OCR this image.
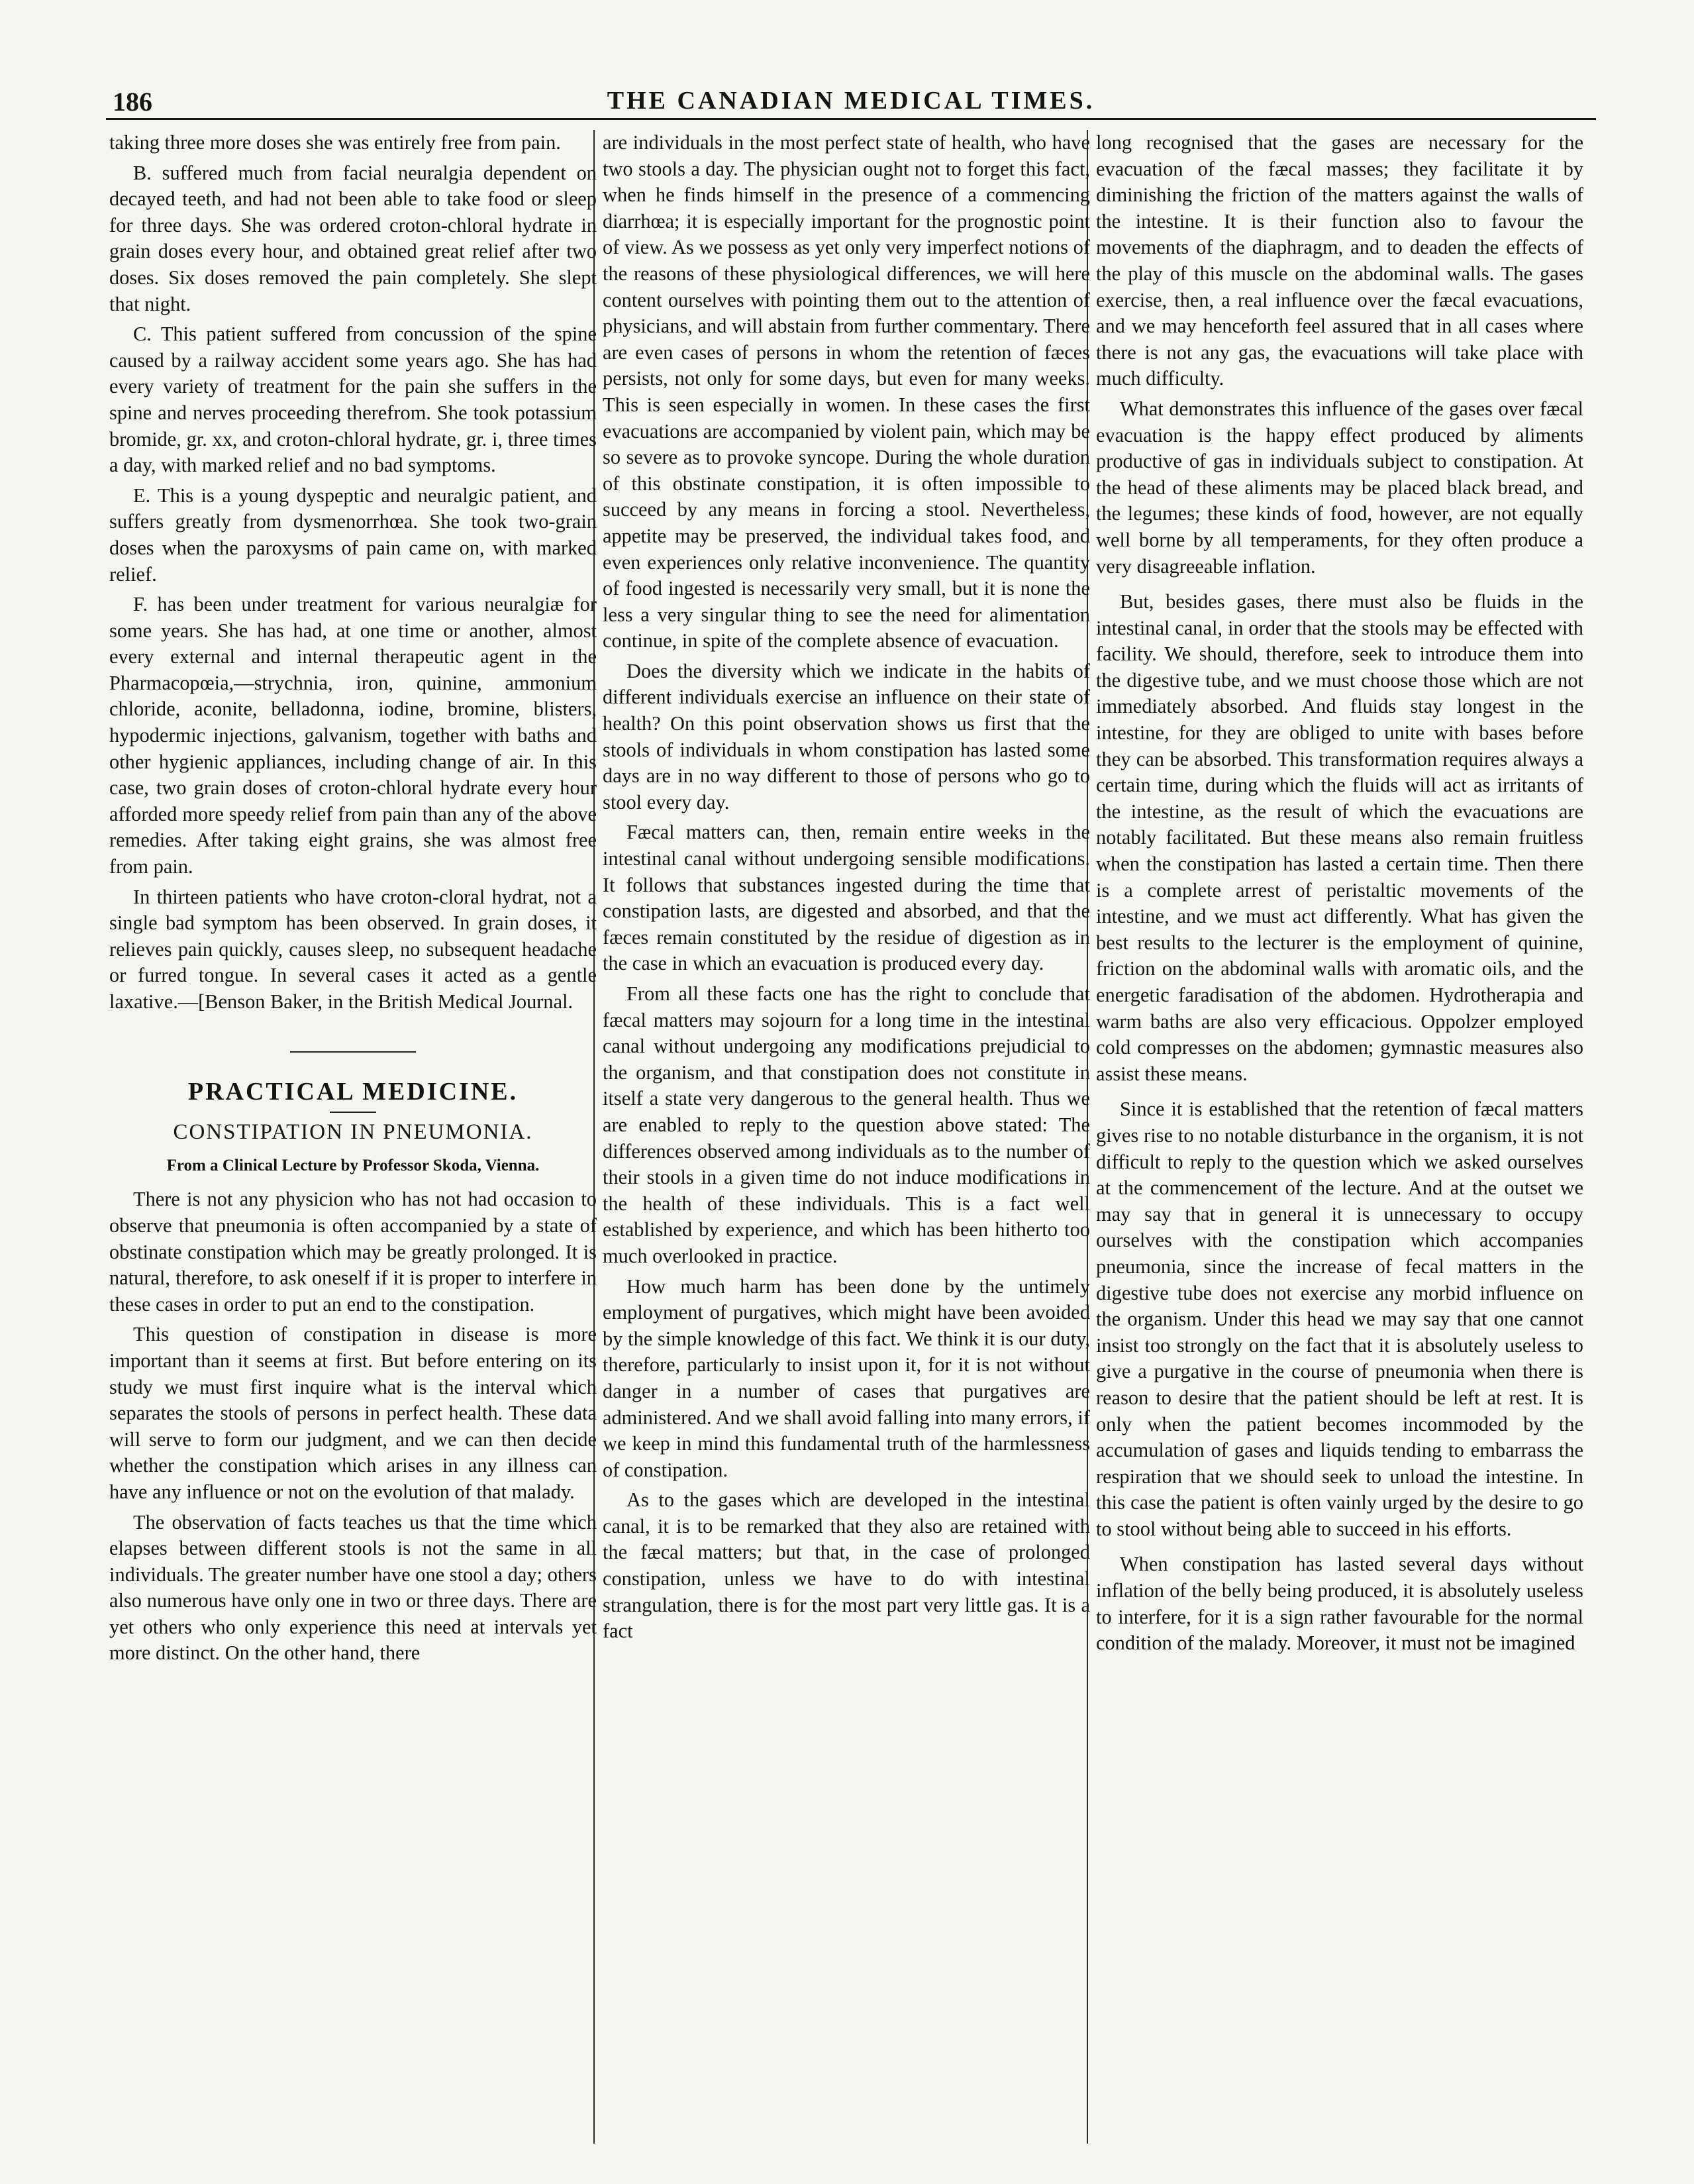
186	THE CANADIAN MEDICAL TIMES.

taking three more doses she was entirely free from pain.

B. suffered much from facial neuralgia dependent on decayed teeth, and had not been able to take food or sleep for three days. She was ordered croton-chloral hydrate in grain doses every hour, and obtained great relief after two doses. Six doses removed the pain completely. She slept that night.

C. This patient suffered from concussion of the spine caused by a railway accident some years ago. She has had every variety of treatment for the pain she suffers in the spine and nerves proceeding therefrom. She took potassium bromide, gr. xx, and croton-chloral hydrate, gr. i, three times a day, with marked relief and no bad symptoms.

E. This is a young dyspeptic and neuralgic patient, and suffers greatly from dysmenorrhœa. She took two-grain doses when the paroxysms of pain came on, with marked relief.

F. has been under treatment for various neuralgiæ for some years. She has had, at one time or another, almost every external and internal therapeutic agent in the Pharmacopœia,—strychnia, iron, quinine, ammonium chloride, aconite, belladonna, iodine, bromine, blisters, hypodermic injections, galvanism, together with baths and other hygienic appliances, including change of air. In this case, two grain doses of croton-chloral hydrate every hour afforded more speedy relief from pain than any of the above remedies. After taking eight grains, she was almost free from pain.

In thirteen patients who have croton-cloral hydrat, not a single bad symptom has been observed. In grain doses, it relieves pain quickly, causes sleep, no subsequent headache or furred tongue. In several cases it acted as a gentle laxative.—[Benson Baker, in the British Medical Journal.

PRACTICAL MEDICINE.
CONSTIPATION IN PNEUMONIA.
From a Clinical Lecture by Professor Skoda, Vienna.

There is not any physicion who has not had occasion to observe that pneumonia is often accompanied by a state of obstinate constipation which may be greatly prolonged. It is natural, therefore, to ask oneself if it is proper to interfere in these cases in order to put an end to the constipation.

This question of constipation in disease is more important than it seems at first. But before entering on its study we must first inquire what is the interval which separates the stools of persons in perfect health. These data will serve to form our judgment, and we can then decide whether the constipation which arises in any illness can have any influence or not on the evolution of that malady.

The observation of facts teaches us that the time which elapses between different stools is not the same in all individuals. The greater number have one stool a day; others also numerous have only one in two or three days. There are yet others who only experience this need at intervals yet more distinct. On the other hand, there

are individuals in the most perfect state of health, who have two stools a day. The physician ought not to forget this fact, when he finds himself in the presence of a commencing diarrhœa; it is especially important for the prognostic point of view. As we possess as yet only very imperfect notions of the reasons of these physiological differences, we will here content ourselves with pointing them out to the attention of physicians, and will abstain from further commentary. There are even cases of persons in whom the retention of fæces persists, not only for some days, but even for many weeks. This is seen especially in women. In these cases the first evacuations are accompanied by violent pain, which may be so severe as to provoke syncope. During the whole duration of this obstinate constipation, it is often impossible to succeed by any means in forcing a stool. Nevertheless, appetite may be preserved, the individual takes food, and even experiences only relative inconvenience. The quantity of food ingested is necessarily very small, but it is none the less a very singular thing to see the need for alimentation continue, in spite of the complete absence of evacuation.

Does the diversity which we indicate in the habits of different individuals exercise an influence on their state of health? On this point observation shows us first that the stools of individuals in whom constipation has lasted some days are in no way different to those of persons who go to stool every day.

Fæcal matters can, then, remain entire weeks in the intestinal canal without undergoing sensible modifications. It follows that substances ingested during the time that constipation lasts, are digested and absorbed, and that the fæces remain constituted by the residue of digestion as in the case in which an evacuation is produced every day.

From all these facts one has the right to conclude that fæcal matters may sojourn for a long time in the intestinal canal without undergoing any modifications prejudicial to the organism, and that constipation does not constitute in itself a state very dangerous to the general health. Thus we are enabled to reply to the question above stated: The differences observed among individuals as to the number of their stools in a given time do not induce modifications in the health of these individuals. This is a fact well established by experience, and which has been hitherto too much overlooked in practice.

How much harm has been done by the untimely employment of purgatives, which might have been avoided by the simple knowledge of this fact. We think it is our duty, therefore, particularly to insist upon it, for it is not without danger in a number of cases that purgatives are administered. And we shall avoid falling into many errors, if we keep in mind this fundamental truth of the harmlessness of constipation.

As to the gases which are developed in the intestinal canal, it is to be remarked that they also are retained with the fæcal matters; but that, in the case of prolonged constipation, unless we have to do with intestinal strangulation, there is for the most part very little gas. It is a fact

long recognised that the gases are necessary for the evacuation of the fæcal masses; they facilitate it by diminishing the friction of the matters against the walls of the intestine. It is their function also to favour the movements of the diaphragm, and to deaden the effects of the play of this muscle on the abdominal walls. The gases exercise, then, a real influence over the fæcal evacuations, and we may henceforth feel assured that in all cases where there is not any gas, the evacuations will take place with much difficulty.

What demonstrates this influence of the gases over fæcal evacuation is the happy effect produced by aliments productive of gas in individuals subject to constipation. At the head of these aliments may be placed black bread, and the legumes; these kinds of food, however, are not equally well borne by all temperaments, for they often produce a very disagreeable inflation.

But, besides gases, there must also be fluids in the intestinal canal, in order that the stools may be effected with facility. We should, therefore, seek to introduce them into the digestive tube, and we must choose those which are not immediately absorbed. And fluids stay longest in the intestine, for they are obliged to unite with bases before they can be absorbed. This transformation requires always a certain time, during which the fluids will act as irritants of the intestine, as the result of which the evacuations are notably facilitated. But these means also remain fruitless when the constipation has lasted a certain time. Then there is a complete arrest of peristaltic movements of the intestine, and we must act differently. What has given the best results to the lecturer is the employment of quinine, friction on the abdominal walls with aromatic oils, and the energetic faradisation of the abdomen. Hydrotherapia and warm baths are also very efficacious. Oppolzer employed cold compresses on the abdomen; gymnastic measures also assist these means.

Since it is established that the retention of fæcal matters gives rise to no notable disturbance in the organism, it is not difficult to reply to the question which we asked ourselves at the commencement of the lecture. And at the outset we may say that in general it is unnecessary to occupy ourselves with the constipation which accompanies pneumonia, since the increase of fecal matters in the digestive tube does not exercise any morbid influence on the organism. Under this head we may say that one cannot insist too strongly on the fact that it is absolutely useless to give a purgative in the course of pneumonia when there is reason to desire that the patient should be left at rest. It is only when the patient becomes incommoded by the accumulation of gases and liquids tending to embarrass the respiration that we should seek to unload the intestine. In this case the patient is often vainly urged by the desire to go to stool without being able to succeed in his efforts.

When constipation has lasted several days without inflation of the belly being produced, it is absolutely useless to interfere, for it is a sign rather favourable for the normal condition of the malady. Moreover, it must not be imagined
